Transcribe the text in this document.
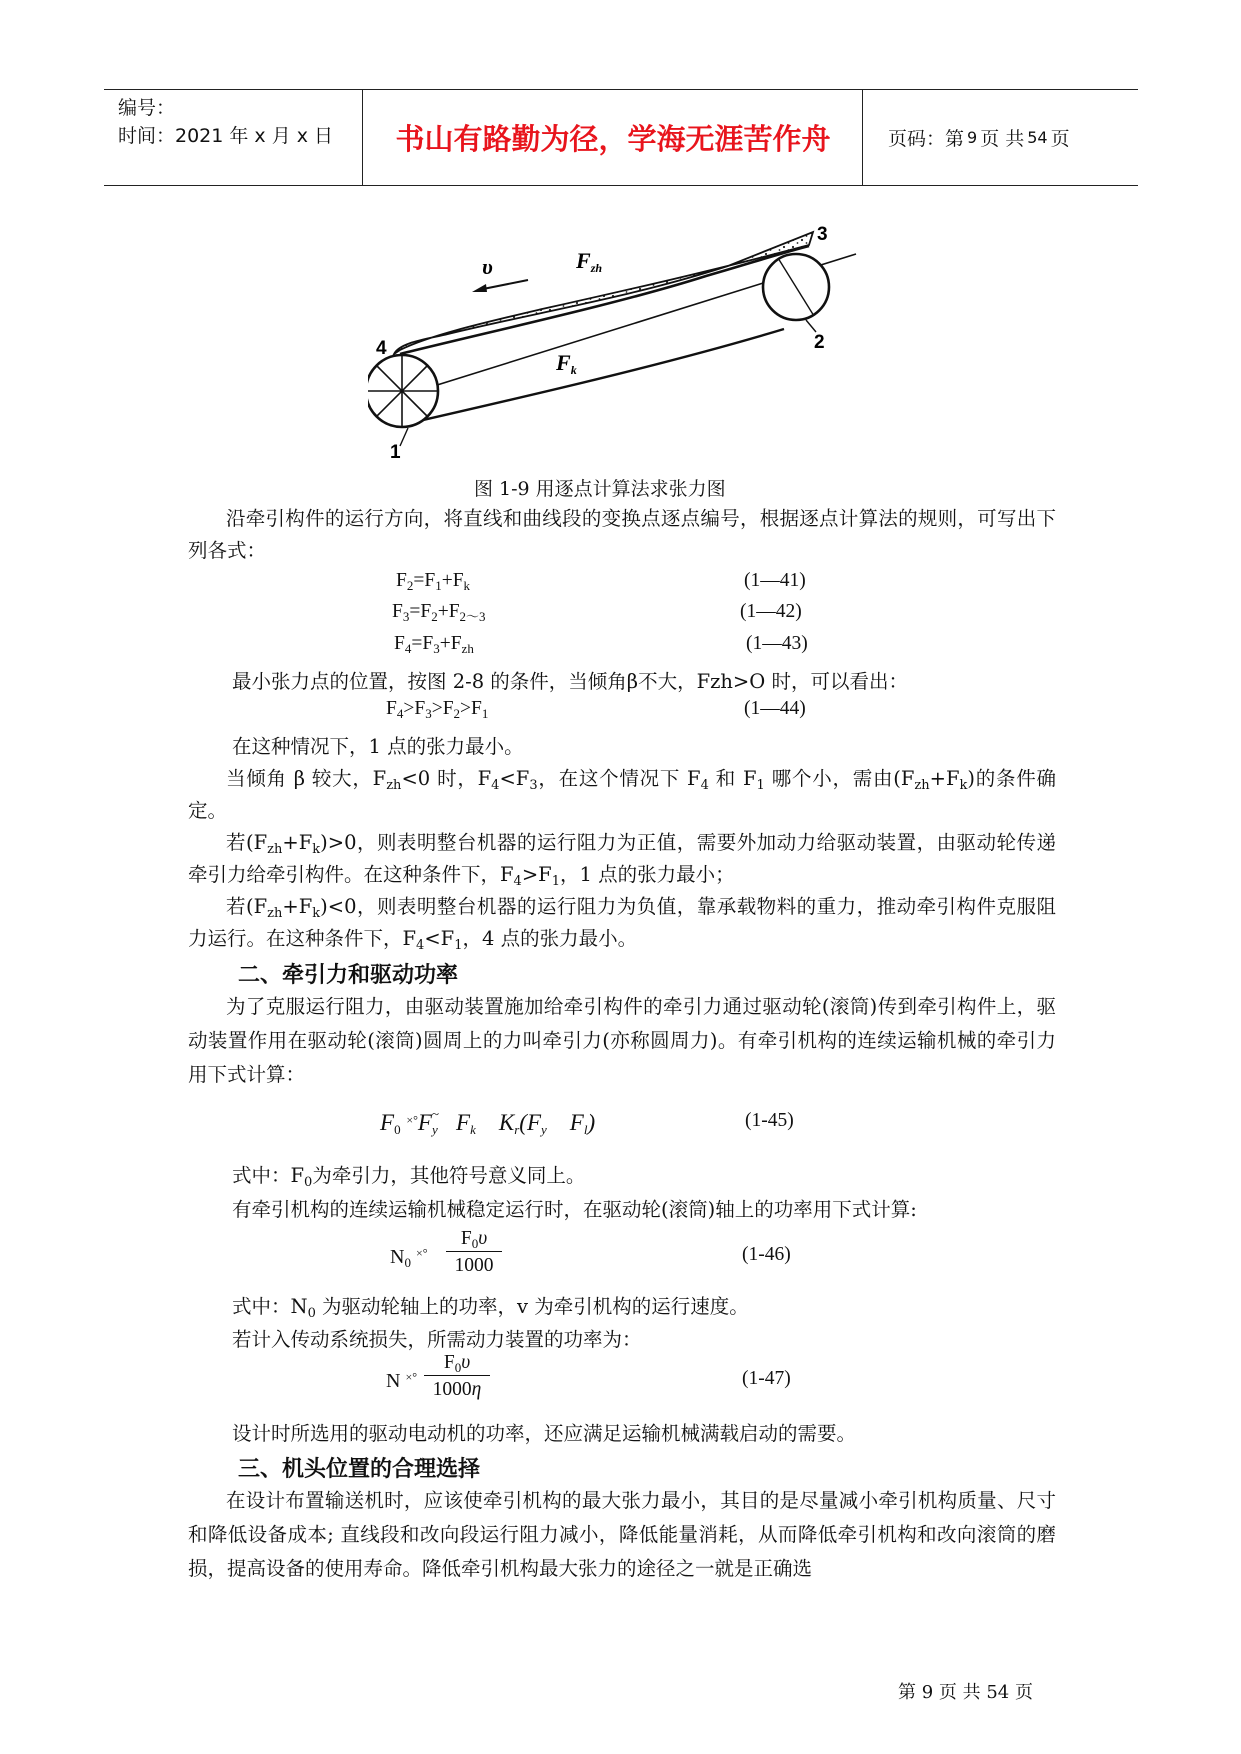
编号：
时间：2021 年 x 月 x 日	书山有路勤为径，学海无涯苦作舟	页码：第 9 页 共 54 页
υ	Fzh
Fk
1
2
3
4
图 1-9 用逐点计算法求张力图
沿牵引构件的运行方向，将直线和曲线段的变换点逐点编号，根据逐点计算法的规则，可写出下列各式：
$F_2=F_1+F_k$	(1—41)
$F_3=F_2+F_{2\sim 3}$	(1—42)
$F_4=F_3+F_{zh}$	(1—43)
最小张力点的位置，按图 2-8 的条件，当倾角β不大，Fzh>O 时，可以看出：
$F_4>F_3>F_2>F_1$	(1—44)
在这种情况下，1 点的张力最小。
当倾角 β 较大，$F_{zh}<0$ 时，$F_4<F_3$，在这个情况下 $F_4$ 和 $F_1$ 哪个小，需由$(F_{zh}+F_k)$的条件确定。
若$(F_{zh}+F_k)>0$，则表明整台机器的运行阻力为正值，需要外加动力给驱动装置，由驱动轮传递牵引力给牵引构件。在这种条件下，$F_4>F_1$，1 点的张力最小；
若$(F_{zh}+F_k)<0$，则表明整台机器的运行阻力为负值，靠承载物料的重力，推动牵引构件克服阻力运行。在这种条件下，$F_4<F_1$，4 点的张力最小。
二、牵引力和驱动功率
为了克服运行阻力，由驱动装置施加给牵引构件的牵引力通过驱动轮(滚筒)传到牵引构件上，驱动装置作用在驱动轮(滚筒)圆周上的力叫牵引力(亦称圆周力)。有牵引机构的连续运输机械的牵引力用下式计算：
$F_0$ $^{\times^\circ}F_y^\sim$   $F_k$    $K_r(F_y$    $F_l$)	(1-45)
式中：$F_0$为牵引力，其他符号意义同上。
有牵引机构的连续运输机械稳定运行时，在驱动轮(滚筒)轴上的功率用下式计算:
$N_0$ $^{\times^\circ} \frac{F_0\upsilon}{1000}$	(1-46)
式中：$N_0$ 为驱动轮轴上的功率，v 为牵引机构的运行速度。
若计入传动系统损失，所需动力装置的功率为：
N $^{\times^\circ} \frac{F_0\upsilon}{1000\eta}$	(1-47)
设计时所选用的驱动电动机的功率，还应满足运输机械满载启动的需要。
三、机头位置的合理选择
在设计布置输送机时，应该使牵引机构的最大张力最小，其目的是尽量减小牵引机构质量、尺寸和降低设备成本; 直线段和改向段运行阻力减小，降低能量消耗，从而降低牵引机构和改向滚筒的磨损，提高设备的使用寿命。降低牵引机构最大张力的途径之一就是正确选
第 9 页 共 54 页
